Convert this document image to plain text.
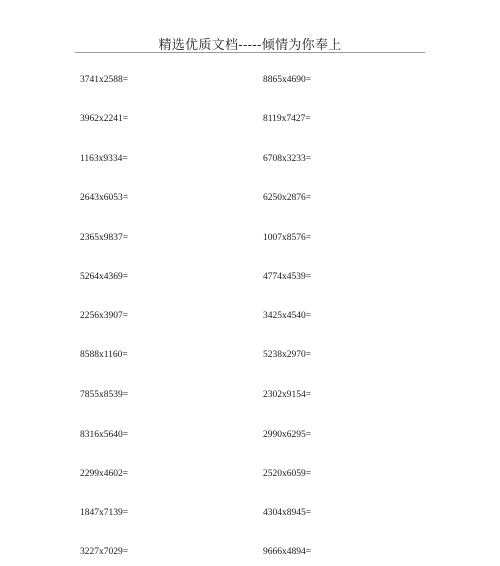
精选优质文档-----倾情为你奉上
3741x2588=	8865x4690=
3962x2241=	8119x7427=
1163x9334=	6708x3233=
2643x6053=	6250x2876=
2365x9837=	1007x8576=
5264x4369=	4774x4539=
2256x3907=	3425x4540=
8588x1160=	5238x2970=
7855x8539=	2302x9154=
8316x5640=	2990x6295=
2299x4602=	2520x6059=
1847x7139=	4304x8945=
3227x7029=	9666x4894=
